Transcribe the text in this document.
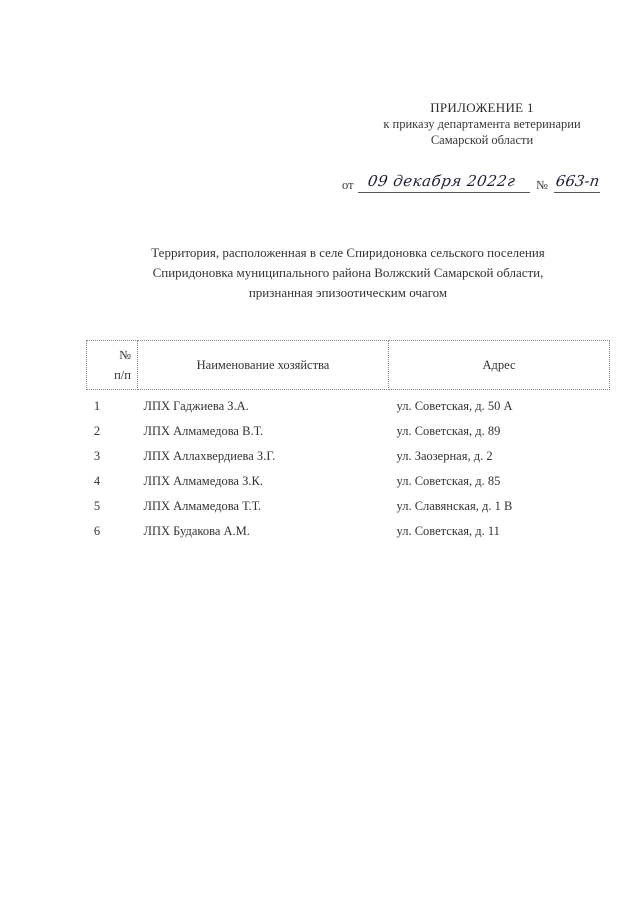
ПРИЛОЖЕНИЕ 1
к приказу департамента ветеринарии
Самарской области
от 09 декабря 2022г № 663-п
Территория, расположенная в селе Спиридоновка сельского поселения
Спиридоновка муниципального района Волжский Самарской области,
признанная эпизоотическим очагом
№
п/п	Наименование хозяйства	Адрес
1	ЛПХ Гаджиева З.А.	ул. Советская, д. 50 А
2	ЛПХ Алмамедова В.Т.	ул. Советская, д. 89
3	ЛПХ Аллахвердиева З.Г.	ул. Заозерная, д. 2
4	ЛПХ Алмамедова З.К.	ул. Советская, д. 85
5	ЛПХ Алмамедова Т.Т.	ул. Славянская, д. 1 В
6	ЛПХ Будакова А.М.	ул. Советская, д. 11
